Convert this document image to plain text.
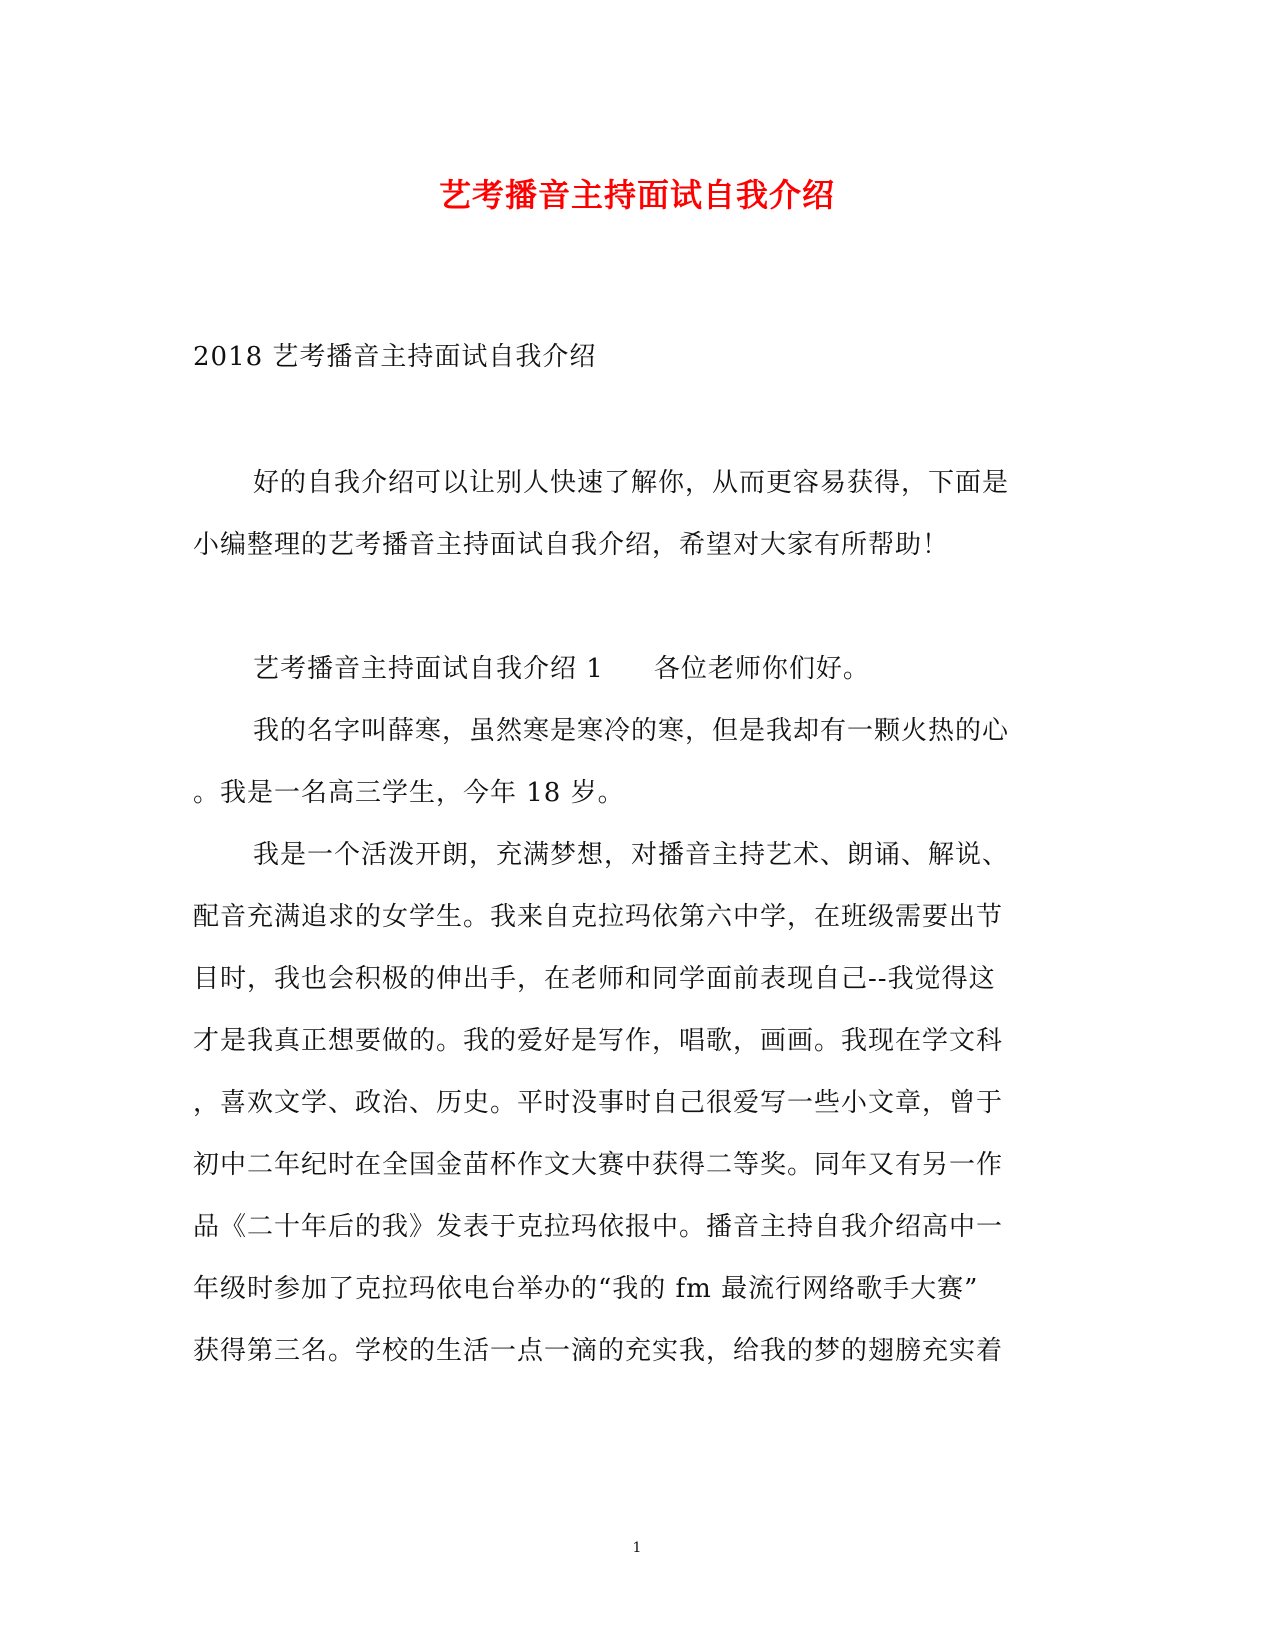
艺考播音主持面试自我介绍
2018 艺考播音主持面试自我介绍
好的自我介绍可以让别人快速了解你，从而更容易获得，下面是
小编整理的艺考播音主持面试自我介绍，希望对大家有所帮助！
艺考播音主持面试自我介绍 1 各位老师你们好。
我的名字叫薛寒，虽然寒是寒冷的寒，但是我却有一颗火热的心
。我是一名高三学生，今年 18 岁。
我是一个活泼开朗，充满梦想，对播音主持艺术、朗诵、解说、
配音充满追求的女学生。我来自克拉玛依第六中学，在班级需要出节
目时，我也会积极的伸出手，在老师和同学面前表现自己--我觉得这
才是我真正想要做的。我的爱好是写作，唱歌，画画。我现在学文科
，喜欢文学、政治、历史。平时没事时自己很爱写一些小文章，曾于
初中二年纪时在全国金苗杯作文大赛中获得二等奖。同年又有另一作
品《二十年后的我》发表于克拉玛依报中。播音主持自我介绍高中一
年级时参加了克拉玛依电台举办的“我的 fm 最流行网络歌手大赛”
获得第三名。学校的生活一点一滴的充实我，给我的梦的翅膀充实着
1
